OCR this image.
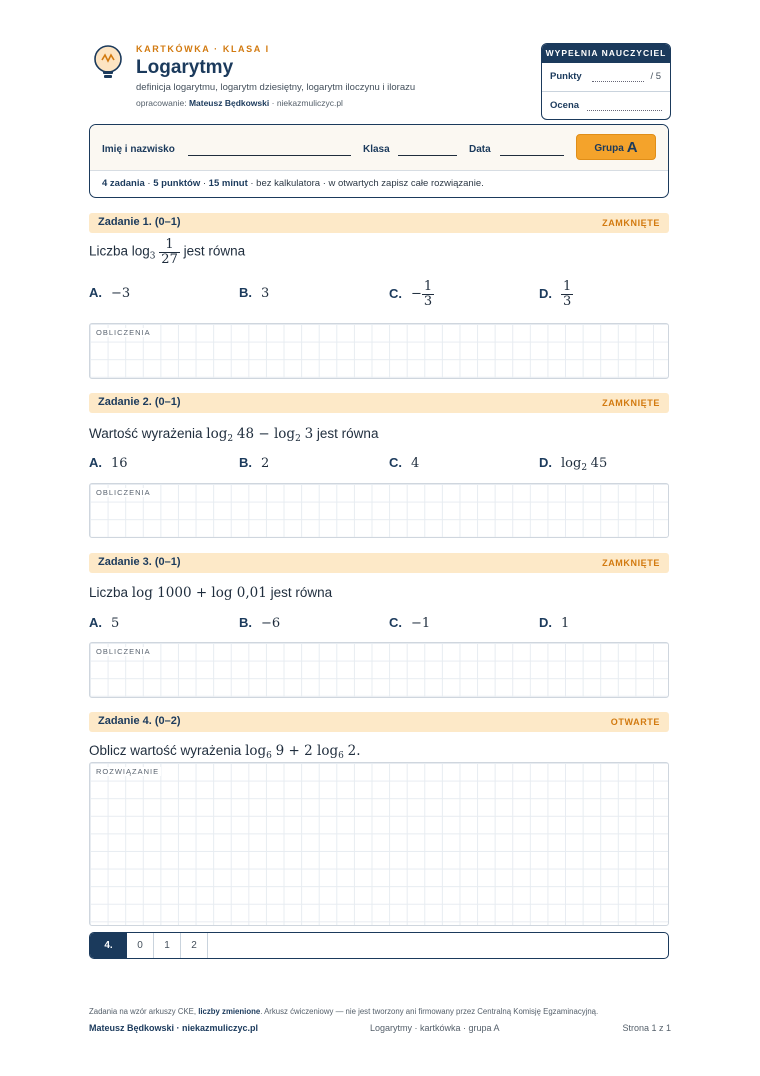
KARTKÓWKA · KLASA I
Logarytmy
definicja logarytmu, logarytm dziesiętny, logarytm iloczynu i ilorazu
opracowanie: Mateusz Będkowski · niekazmuliczyc.pl
WYPEŁNIA NAUCZYCIEL
Punkty	/ 5
Ocena
Imię i nazwisko	Klasa	Data	Grupa A
4 zadania · 5 punktów · 15 minut · bez kalkulatora · w otwartych zapisz całe rozwiązanie.
Zadanie 1. (0–1)	ZAMKNIĘTE
Liczba $\log_3 \frac{1}{27}$ jest równa
A. −3	B. 3	C. − $\frac{1}{3}$	D. $\frac{1}{3}$
OBLICZENIA
Zadanie 2. (0–1)	ZAMKNIĘTE
Wartość wyrażenia $\log_2 48 - \log_2 3$ jest równa
A. 16	B. 2	C. 4	D. $\log_2 45$
OBLICZENIA
Zadanie 3. (0–1)	ZAMKNIĘTE
Liczba log 1000 + log 0,01 jest równa
A. 5	B. −6	C. −1	D. 1
OBLICZENIA
Zadanie 4. (0–2)	OTWARTE
Oblicz wartość wyrażenia $\log_6 9 + 2$ $\log_6 2$.
ROZWIĄZANIE
4.	0	1	2
Zadania na wzór arkuszy CKE, liczby zmienione. Arkusz ćwiczeniowy — nie jest tworzony ani firmowany przez Centralną Komisję Egzaminacyjną.
Mateusz Będkowski · niekazmuliczyc.pl	Logarytmy · kartkówka · grupa A	Strona 1 z 1
